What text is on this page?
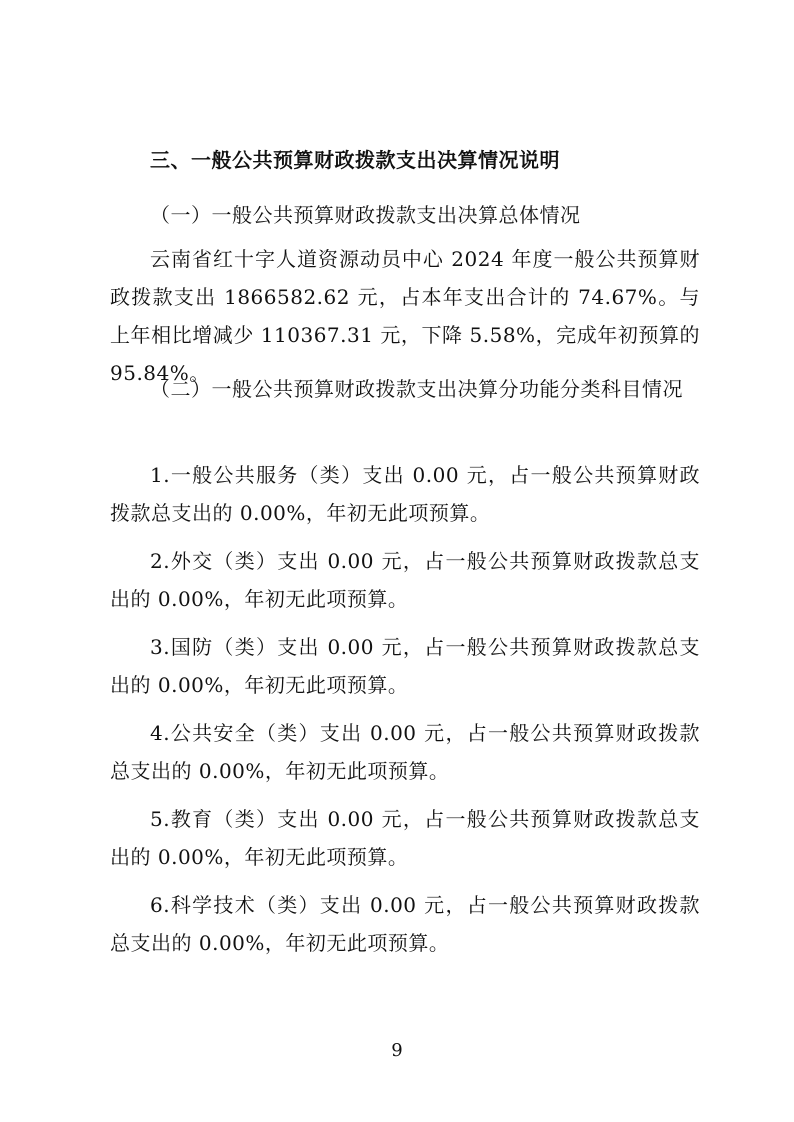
三、一般公共预算财政拨款支出决算情况说明

（一）一般公共预算财政拨款支出决算总体情况

云南省红十字人道资源动员中心 2024 年度一般公共预算财政拨款支出 1866582.62 元，占本年支出合计的 74.67%。与上年相比增减少 110367.31 元，下降 5.58%，完成年初预算的 95.84%。

（二）一般公共预算财政拨款支出决算分功能分类科目情况

1.一般公共服务（类）支出 0.00 元，占一般公共预算财政拨款总支出的 0.00%，年初无此项预算。

2.外交（类）支出 0.00 元，占一般公共预算财政拨款总支出的 0.00%，年初无此项预算。

3.国防（类）支出 0.00 元，占一般公共预算财政拨款总支出的 0.00%，年初无此项预算。

4.公共安全（类）支出 0.00 元，占一般公共预算财政拨款总支出的 0.00%，年初无此项预算。

5.教育（类）支出 0.00 元，占一般公共预算财政拨款总支出的 0.00%，年初无此项预算。

6.科学技术（类）支出 0.00 元，占一般公共预算财政拨款总支出的 0.00%，年初无此项预算。

9
